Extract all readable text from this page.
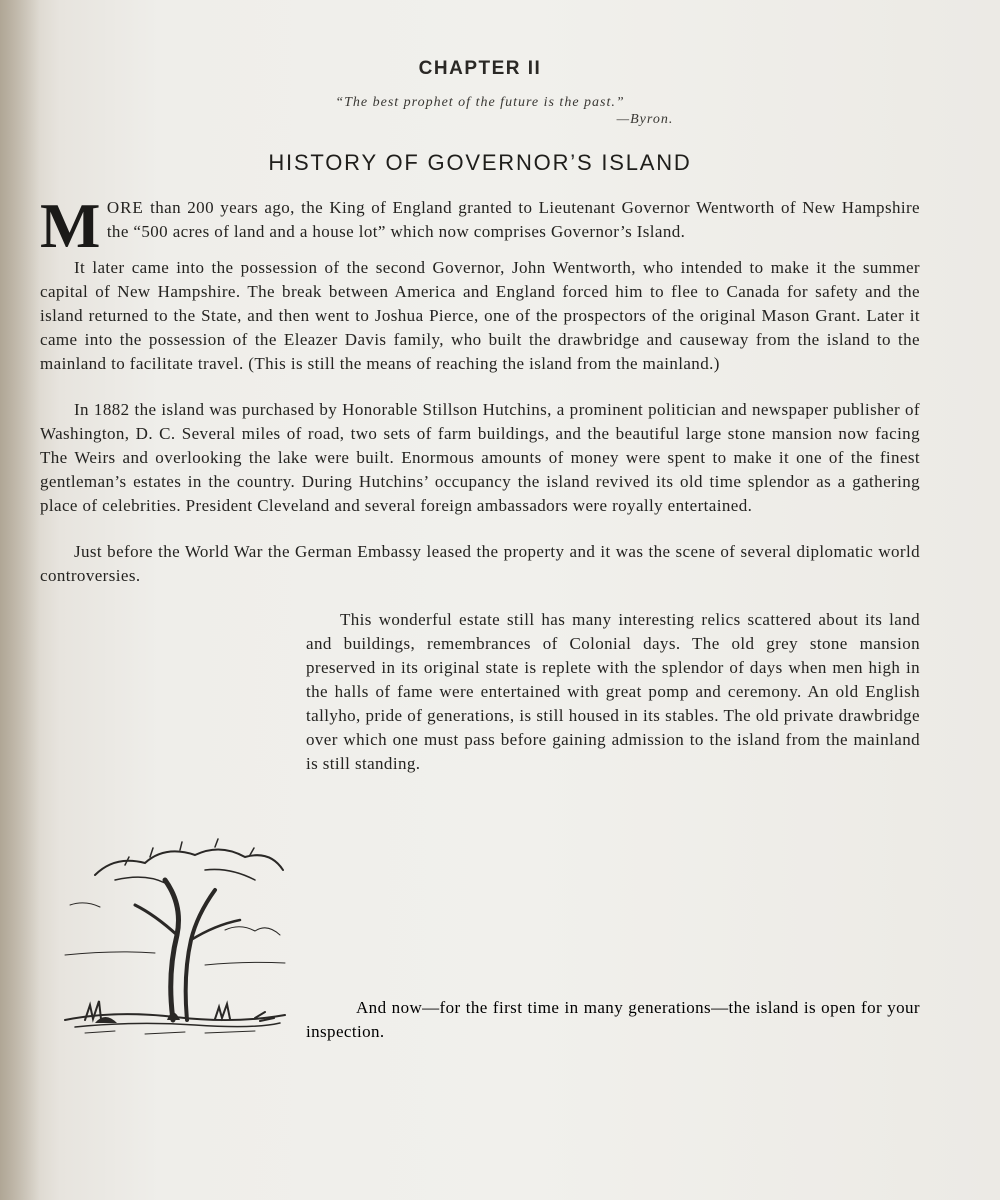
CHAPTER II
“The best prophet of the future is the past.”
—Byron.
HISTORY OF GOVERNOR’S ISLAND

MORE than 200 years ago, the King of England granted to Lieutenant Governor Wentworth of New Hampshire the “500 acres of land and a house lot” which now comprises Governor’s Island.

It later came into the possession of the second Governor, John Wentworth, who intended to make it the summer capital of New Hampshire. The break between America and England forced him to flee to Canada for safety and the island returned to the State, and then went to Joshua Pierce, one of the prospectors of the original Mason Grant. Later it came into the possession of the Eleazer Davis family, who built the drawbridge and causeway from the island to the mainland to facilitate travel. (This is still the means of reaching the island from the mainland.)

In 1882 the island was purchased by Honorable Stillson Hutchins, a prominent politician and newspaper publisher of Washington, D. C. Several miles of road, two sets of farm buildings, and the beautiful large stone mansion now facing The Weirs and overlooking the lake were built. Enormous amounts of money were spent to make it one of the finest gentleman’s estates in the country. During Hutchins’ occupancy the island revived its old time splendor as a gathering place of celebrities. President Cleveland and several foreign ambassadors were royally entertained.

Just before the World War the German Embassy leased the property and it was the scene of several diplomatic world controversies.

This wonderful estate still has many interesting relics scattered about its land and buildings, remembrances of Colonial days. The old grey stone mansion preserved in its original state is replete with the splendor of days when men high in the halls of fame were entertained with great pomp and ceremony. An old English tallyho, pride of generations, is still housed in its stables. The old private drawbridge over which one must pass before gaining admission to the island from the mainland is still standing.

And now—for the first time in many generations—the island is open for your inspection.
